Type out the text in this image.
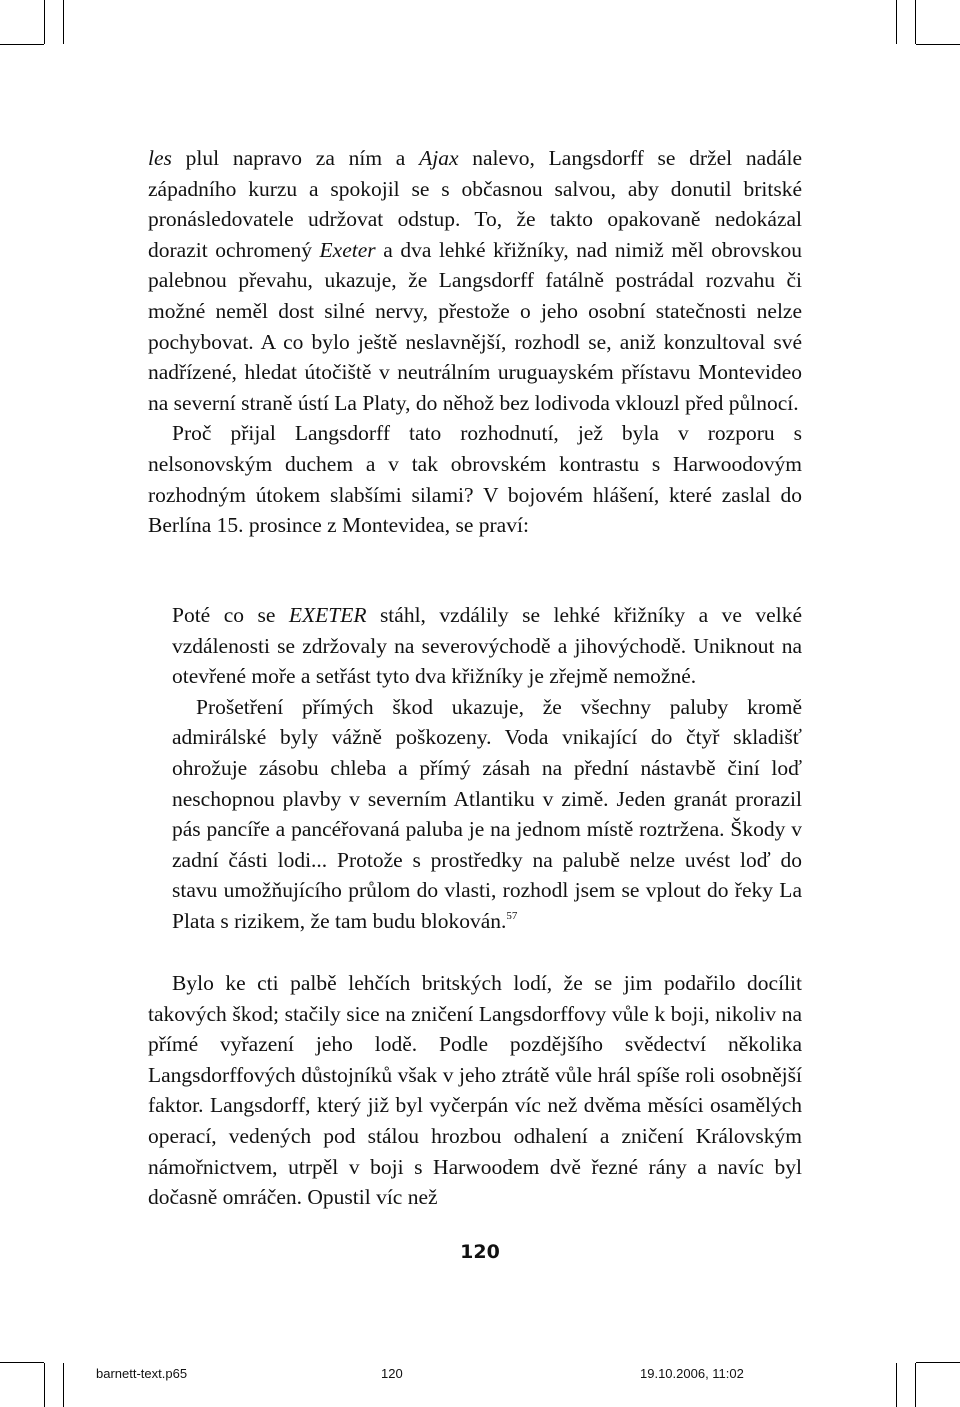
les plul napravo za ním a Ajax nalevo, Langsdorff se držel nadále západního kurzu a spokojil se s občasnou salvou, aby donutil britské pronásledovatele udržovat odstup. To, že takto opakovaně nedokázal dorazit ochromený Exeter a dva lehké křižníky, nad nimiž měl obrovskou palebnou převahu, ukazuje, že Langsdorff fatálně postrádal rozvahu či možné neměl dost silné nervy, přestože o jeho osobní statečnosti nelze pochybovat. A co bylo ještě neslavnější, rozhodl se, aniž konzultoval své nadřízené, hledat útočiště v neutrálním uruguayském přístavu Montevideo na severní straně ústí La Platy, do něhož bez lodivoda vklouzl před půlnocí.

Proč přijal Langsdorff tato rozhodnutí, jež byla v rozporu s nelsonovským duchem a v tak obrovském kontrastu s Harwoodovým rozhodným útokem slabšími silami? V bojovém hlášení, které zaslal do Berlína 15. prosince z Montevidea, se praví:

Poté co se EXETER stáhl, vzdálily se lehké křižníky a ve velké vzdálenosti se zdržovaly na severovýchodě a jihovýchodě. Uniknout na otevřené moře a setřást tyto dva křižníky je zřejmě nemožné.

Prošetření přímých škod ukazuje, že všechny paluby kromě admirálské byly vážně poškozeny. Voda vnikající do čtyř skladišť ohrožuje zásobu chleba a přímý zásah na přední nástavbě činí loď neschopnou plavby v severním Atlantiku v zimě. Jeden granát prorazil pás pancíře a pancéřovaná paluba je na jednom místě roztržena. Škody v zadní části lodi... Protože s prostředky na palubě nelze uvést loď do stavu umožňujícího průlom do vlasti, rozhodl jsem se vplout do řeky La Plata s rizikem, že tam budu blokován.$^{57}$

Bylo ke cti palbě lehčích britských lodí, že se jim podařilo docílit takových škod; stačily sice na zničení Langsdorffovy vůle k boji, nikoliv na přímé vyřazení jeho lodě. Podle pozdějšího svědectví několika Langsdorffových důstojníků však v jeho ztrátě vůle hrál spíše roli osobnější faktor. Langsdorff, který již byl vyčerpán víc než dvěma měsíci osamělých operací, vedených pod stálou hrozbou odhalení a zničení Královským námořnictvem, utrpěl v boji s Harwoodem dvě řezné rány a navíc byl dočasně omráčen. Opustil víc než

120
barnett-text.p65	120	19.10.2006, 11:02
